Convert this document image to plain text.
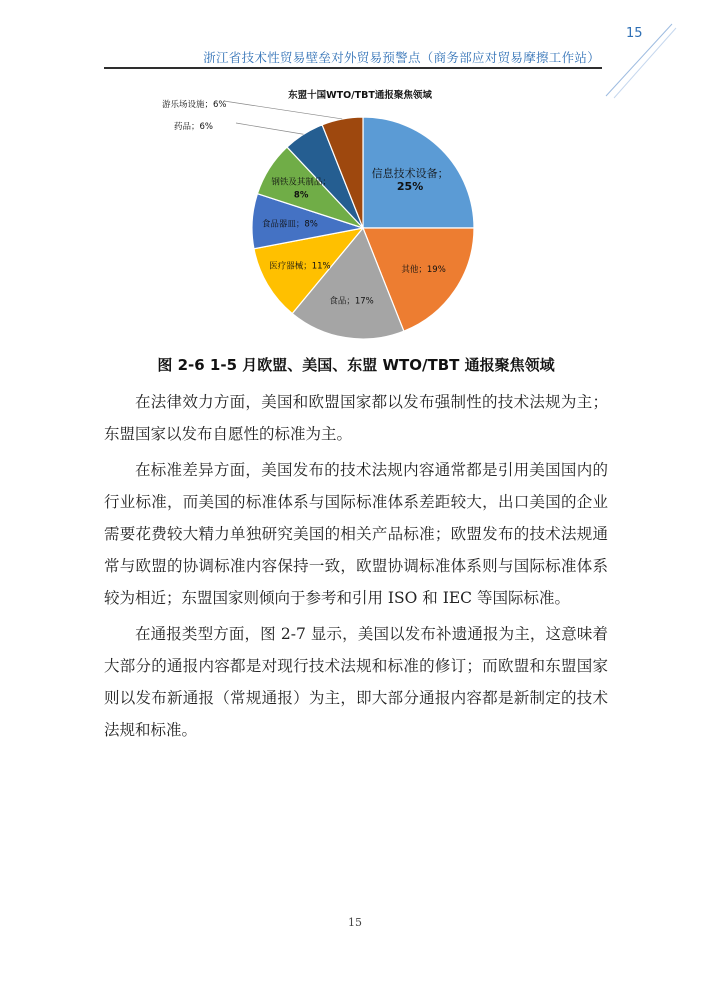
15
浙江省技术性贸易壁垒对外贸易预警点（商务部应对贸易摩擦工作站）
东盟十国WTO/TBT通报聚焦领域
信息技术设备； 25%
其他；19%
食品；17%
医疗器械；11%
食品器皿；8%
钢铁及其制品； 8%
药品；6%
游乐场设施；6%
图 2-6 1-5 月欧盟、美国、东盟 WTO/TBT 通报聚焦领域

在法律效力方面，美国和欧盟国家都以发布强制性的技术法规为主；东盟国家以发布自愿性的标准为主。

在标准差异方面，美国发布的技术法规内容通常都是引用美国国内的行业标准，而美国的标准体系与国际标准体系差距较大，出口美国的企业需要花费较大精力单独研究美国的相关产品标准；欧盟发布的技术法规通常与欧盟的协调标准内容保持一致，欧盟协调标准体系则与国际标准体系较为相近；东盟国家则倾向于参考和引用 ISO 和 IEC 等国际标准。

在通报类型方面，图 2-7 显示，美国以发布补遗通报为主，这意味着大部分的通报内容都是对现行技术法规和标准的修订；而欧盟和东盟国家则以发布新通报（常规通报）为主，即大部分通报内容都是新制定的技术法规和标准。

15
